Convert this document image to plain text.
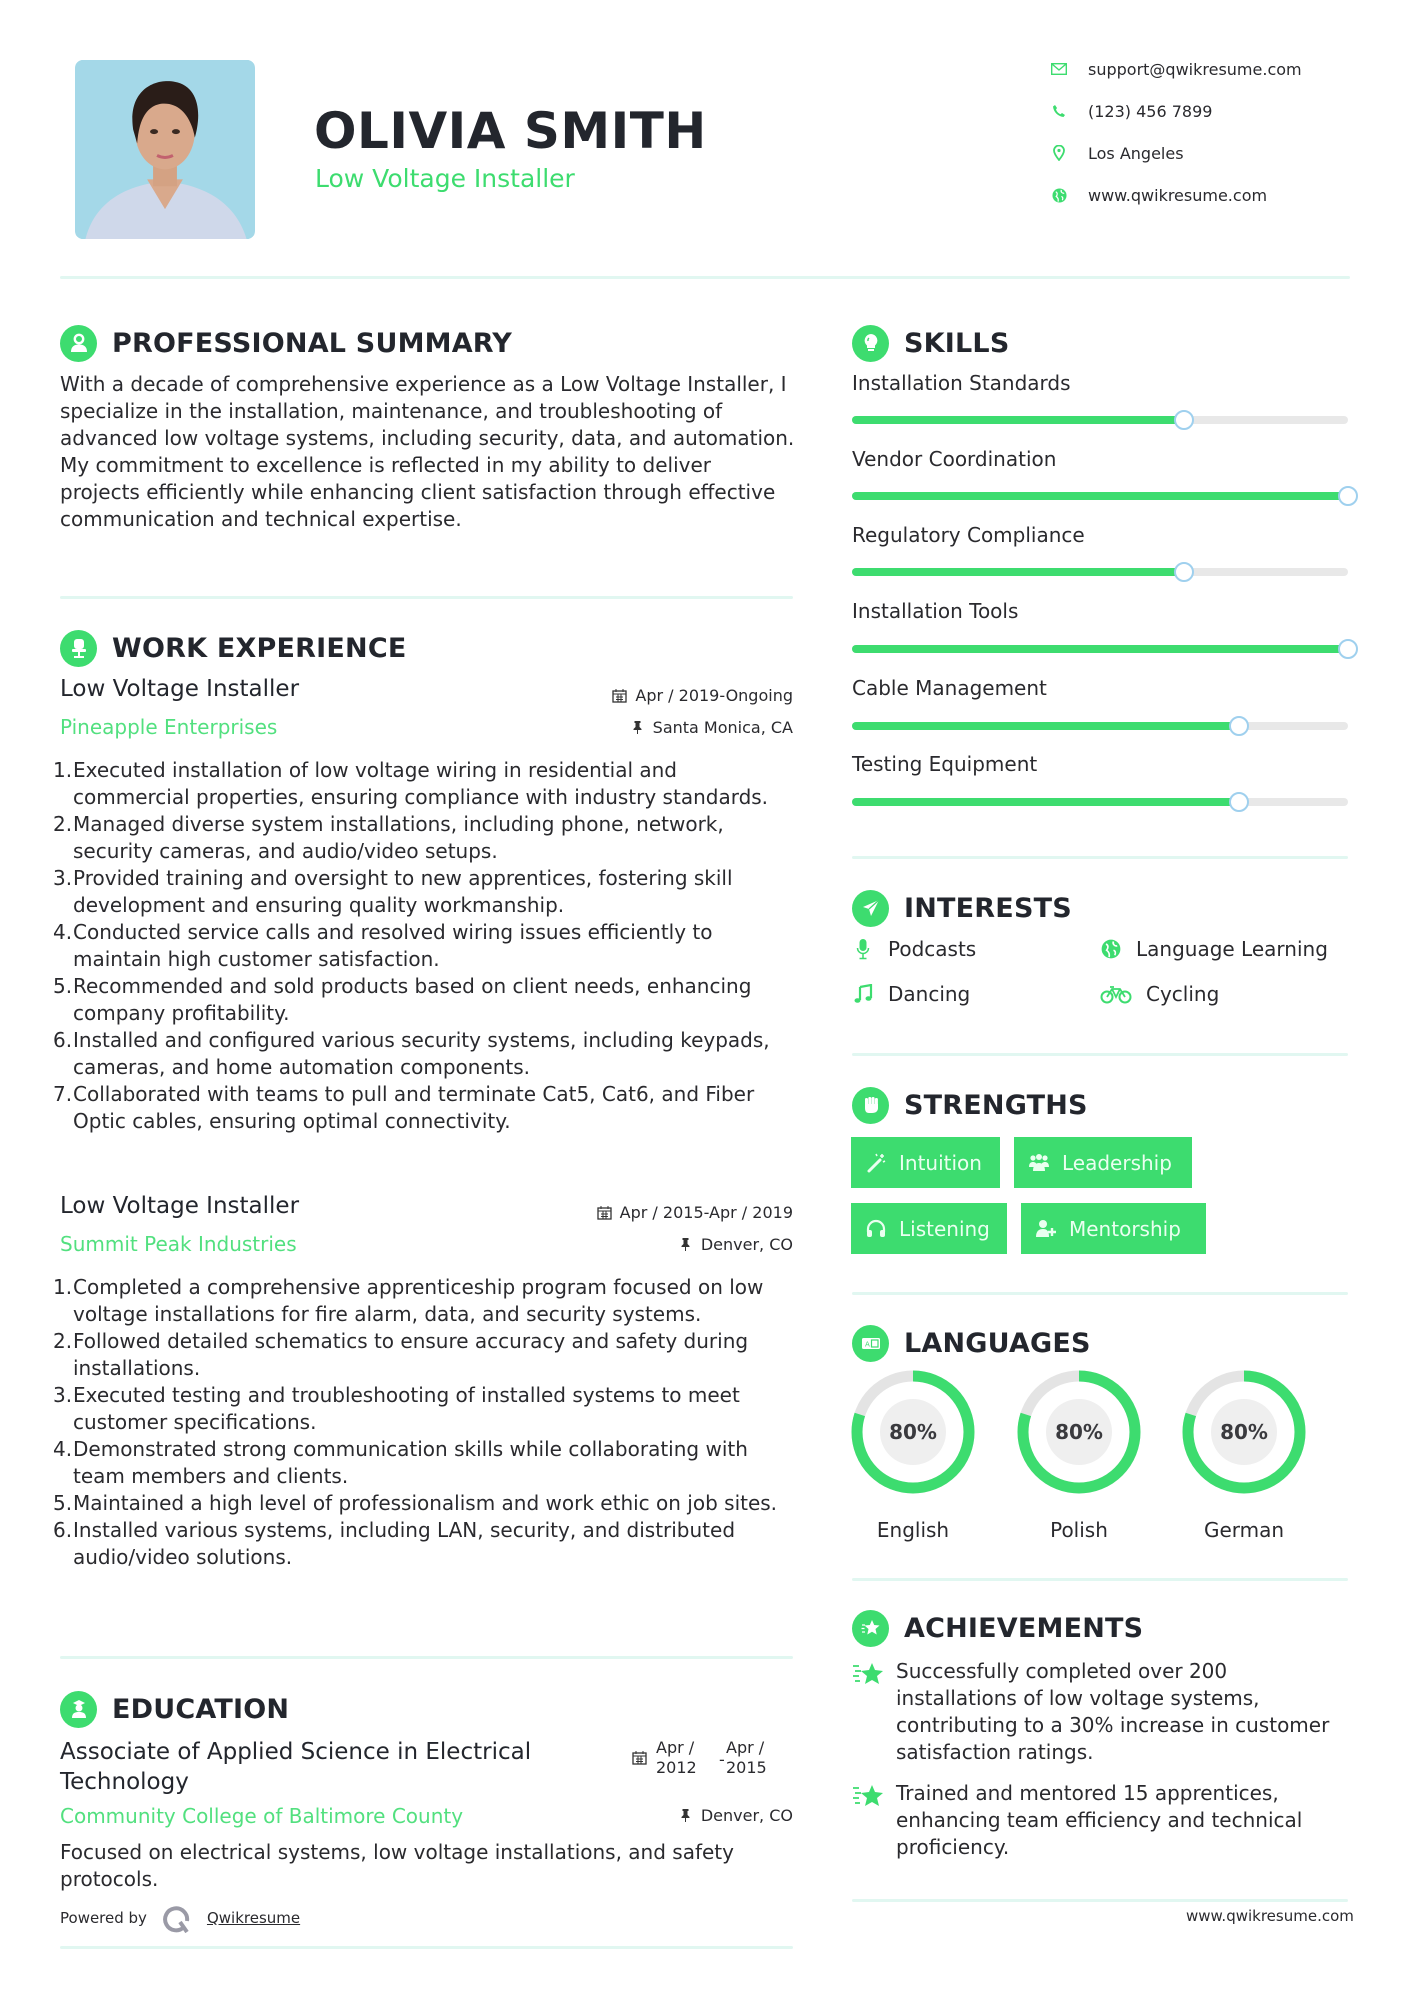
OLIVIA SMITH
Low Voltage Installer
support@qwikresume.com
(123) 456 7899
Los Angeles
www.qwikresume.com
PROFESSIONAL SUMMARY
With a decade of comprehensive experience as a Low Voltage Installer, I specialize in the installation, maintenance, and troubleshooting of advanced low voltage systems, including security, data, and automation. My commitment to excellence is reflected in my ability to deliver projects efficiently while enhancing client satisfaction through effective communication and technical expertise.
WORK EXPERIENCE
Low Voltage Installer	Apr / 2019-Ongoing
Pineapple Enterprises	Santa Monica, CA
1. Executed installation of low voltage wiring in residential and commercial properties, ensuring compliance with industry standards.
2. Managed diverse system installations, including phone, network, security cameras, and audio/video setups.
3. Provided training and oversight to new apprentices, fostering skill development and ensuring quality workmanship.
4. Conducted service calls and resolved wiring issues efficiently to maintain high customer satisfaction.
5. Recommended and sold products based on client needs, enhancing company profitability.
6. Installed and configured various security systems, including keypads, cameras, and home automation components.
7. Collaborated with teams to pull and terminate Cat5, Cat6, and Fiber Optic cables, ensuring optimal connectivity.
Low Voltage Installer	Apr / 2015-Apr / 2019
Summit Peak Industries	Denver, CO
1. Completed a comprehensive apprenticeship program focused on low voltage installations for fire alarm, data, and security systems.
2. Followed detailed schematics to ensure accuracy and safety during installations.
3. Executed testing and troubleshooting of installed systems to meet customer specifications.
4. Demonstrated strong communication skills while collaborating with team members and clients.
5. Maintained a high level of professionalism and work ethic on job sites.
6. Installed various systems, including LAN, security, and distributed audio/video solutions.
EDUCATION
Associate of Applied Science in Electrical
Technology
Apr /
2012 -
Apr /
2015
Community College of Baltimore County	Denver, CO
Focused on electrical systems, low voltage installations, and safety protocols.
Powered by	Qwikresume
SKILLS
Installation Standards
Vendor Coordination
Regulatory Compliance
Installation Tools
Cable Management
Testing Equipment
INTERESTS
Podcasts	Language Learning
Dancing	Cycling
STRENGTHS
Intuition	Leadership
Listening	Mentorship
A LANGUAGES
80%
English
80%
Polish
80%
German
ACHIEVEMENTS
Successfully completed over 200 installations of low voltage systems, contributing to a 30% increase in customer satisfaction ratings.
Trained and mentored 15 apprentices, enhancing team efficiency and technical proficiency.
www.qwikresume.com
